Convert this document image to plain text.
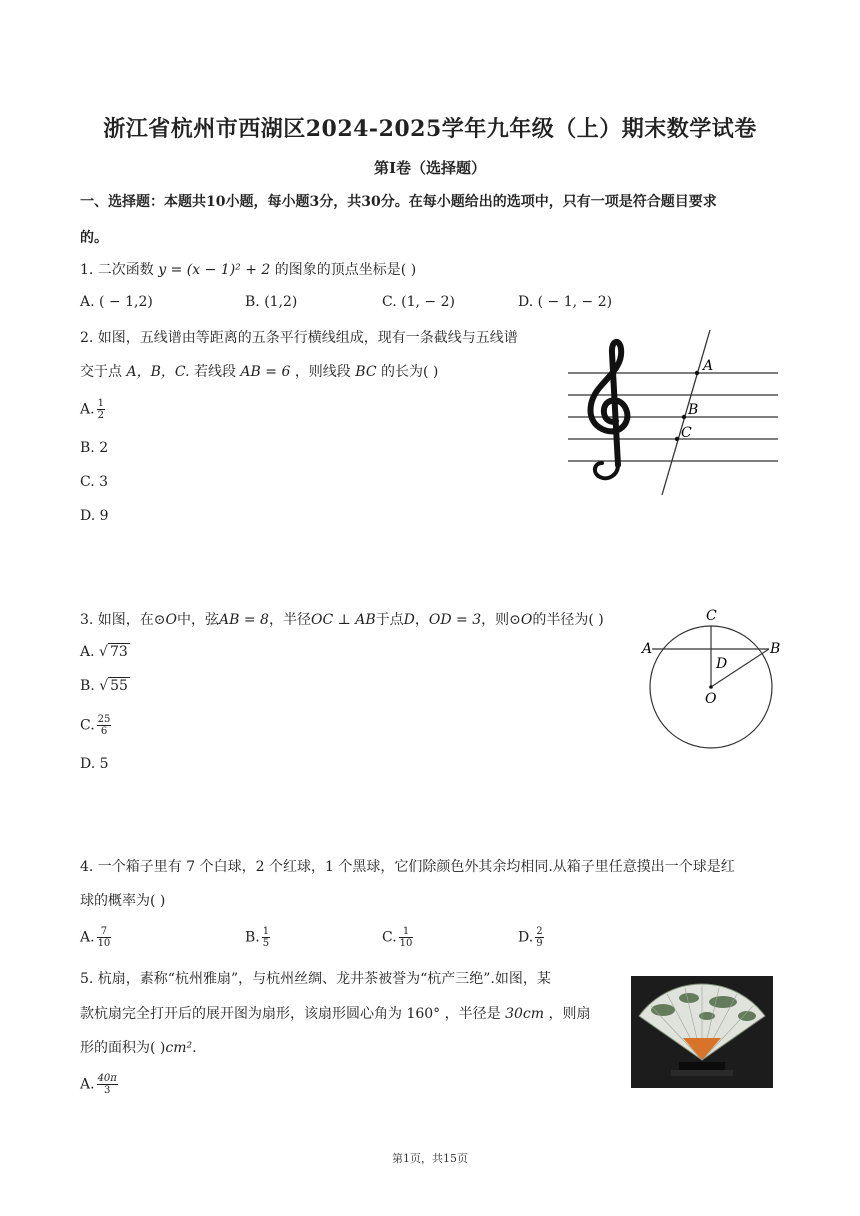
浙江省杭州市西湖区2024-2025学年九年级（上）期末数学试卷
第I卷（选择题）
一、选择题：本题共10小题，每小题3分，共30分。在每小题给出的选项中，只有一项是符合题目要求
的。
1. 二次函数 y = (x − 1)² + 2 的图象的顶点坐标是( )
A. ( − 1,2)	B. (1,2)	C. (1, − 2)	D. ( − 1, − 2)
2. 如图，五线谱由等距离的五条平行横线组成，现有一条截线与五线谱
交于点 A，B，C. 若线段 AB = 6 ，则线段 BC 的长为( )
A. $\frac{1}{2}$
B. 2
C. 3
D. 9
A
B
C
3. 如图，在⊙O中，弦AB = 8，半径OC ⊥ AB于点D，OD = 3，则⊙O的半径为( )
A. √ 73
B. √ 55
C. $\frac{25}{6}$
D. 5
C
A	B
D
O
4. 一个箱子里有 7 个白球，2 个红球，1 个黑球，它们除颜色外其余均相同.从箱子里任意摸出一个球是红
球的概率为( )
A. $\frac{7}{10}$	B. $\frac{1}{5}$	C. $\frac{1}{10}$	D. $\frac{2}{9}$
5. 杭扇，素称“杭州雅扇”，与杭州丝绸、龙井茶被誉为“杭产三绝”.如图，某
款杭扇完全打开后的展开图为扇形，该扇形圆心角为 160° ，半径是 30cm ，则扇
形的面积为( )cm².
A. $\frac{40\pi}{3}$
第1页，共15页
